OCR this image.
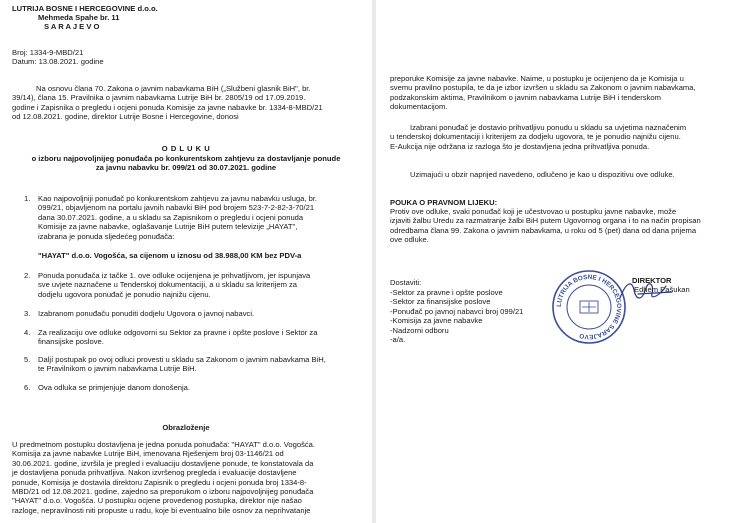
LUTRIJA BOSNE I HERCEGOVINE d.o.o.
Mehmeda Spahe br. 11
S A R A J E V O
Broj: 1334-9-MBD/21
Datum: 13.08.2021. godine
Na osnovu člana 70. Zakona o javnim nabavkama BiH („Službeni glasnik BiH", br.
39/14), člana 15. Pravilnika o javnim nabavkama Lutrije BiH br. 2805/19 od 17.09.2019.
godine i Zapisnika o pregledu i ocjeni ponuda Komisije za javne nabavke br. 1334-8-MBD/21
od 12.08.2021. godine, direktor Lutrije Bosne i Hercegovine, donosi
O D L U K U
o izboru najpovoljnijeg ponuđača po konkurentskom zahtjevu za dostavljanje ponude
za javnu nabavku br. 099/21 od 30.07.2021. godine
1. Kao najpovoljniji ponuđač po konkurentskom zahtjevu za javnu nabavku usluga, br.
099/21, objavljenom na portalu javnih nabavki BiH pod brojem 523-7-2-82-3-70/21
dana 30.07.2021. godine, a u skladu sa Zapisnikom o pregledu i ocjeni ponuda
Komisije za javne nabavke, oglašavanje Lutrije BiH putem televizije „HAYAT",
izabrana je ponuda sljedećeg ponuđača:
"HAYAT" d.o.o. Vogošća, sa cijenom u iznosu od 38.988,00 KM bez PDV-a
2. Ponuda ponuđača iz tačke 1. ove odluke ocijenjena je prihvatljivom, jer ispunjava
sve uvjete naznačene u Tenderskoj dokumentaciji, a u skladu sa kriterijem za
dodjelu ugovora ponuđač je ponudio najnižu cijenu.
3. Izabranom ponuđaču ponuditi dodjelu Ugovora o javnoj nabavci.
4. Za realizaciju ove odluke odgovorni su Sektor za pravne i opšte poslove i Sektor za
finansijske poslove.
5. Daljí postupak po ovoj odluci provesti u skladu sa Zakonom o javnim nabavkama BiH,
te Pravilnikom o javnim nabavkama Lutrije BiH.
6. Ova odluka se primjenjuje danom donošenja.
Obrazloženje
U predmetnom postupku dostavljena je jedna ponuda ponuđača: "HAYAT" d.o.o. Vogošća.
Komisija za javne nabavke Lutrije BiH, imenovana Rješenjem broj 03-1146/21 od
30.06.2021. godine, izvršila je pregled i evaluaciju dostavljene ponude, te konstatovala da
je dostavljena ponuda prihvatljiva. Nakon izvršenog pregleda i evaluacije dostavljene
ponude, Komisija je dostavila direktoru Zapisnik o pregledu i ocjeni ponuda broj 1334-8-
MBD/21 od 12.08.2021. godine, zajedno sa preporukom o izboru najpovoljnijeg ponuđača
"HAYAT" d.o.o. Vogošća. U postupku ocjene provedenog postupka, direktor nije našao
razloge, nepravilnosti niti propuste u radu, koje bi eventualno bile osnov za neprihvatanje
preporuke Komisije za javne nabavke. Naime, u postupku je ocijenjeno da je Komisija u
svemu pravilno postupila, te da je izbor izvršen u skladu sa Zakonom o javnim nabavkama,
podzakonskim aktima, Pravilnikom o javnim nabavkama Lutrije BiH i tenderskom
dokumentacijom.
Izabrani ponuđač je dostavio prihvatljivu ponudu u skladu sa uvjetima naznačenim
u tenderskoj dokumentaciji i kriterijem za dodjelu ugovora, te je ponudio najnižu cijenu.
E-Aukcija nije održana iz razloga što je dostavljena jedna prihvatljiva ponuda.
Uzimajući u obzir naprijed navedeno, odlučeno je kao u dispozitivu ove odluke.
POUKA O PRAVNOM LIJEKU:
Protiv ove odluke, svaki ponuđač koji je učestvovao u postupku javne nabavke, može
izjaviti žalbu Uredu za razmatranje žalbi BiH putem Ugovornog organa i to na način propisan
odredbama člana 99. Zakona o javnim nabavkama, u roku od 5 (pet) dana od dana prijema
ove odluke.
Dostaviti:
-Sektor za pravne i opšte poslove
-Sektor za finansijske poslove
-Ponuđač po javnoj nabavci broj 099/21
-Komisija za javne nabavke
-Nadzorni odboru
-a/a.
LUTRIJA BOSNE I HERCEGOVINE SARAJEVO
DIREKTOR
Edhem Pašukan
